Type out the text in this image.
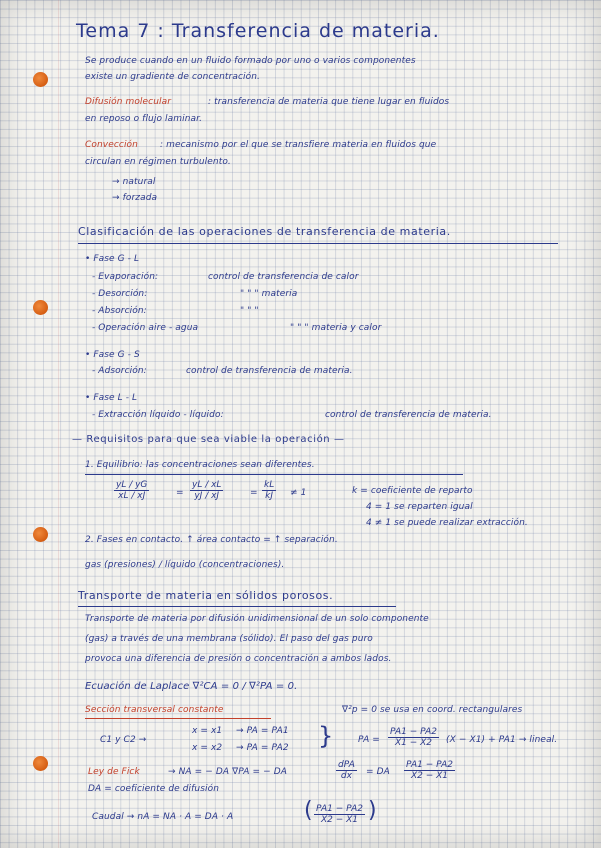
Tema 7 : Transferencia de materia.
Se produce cuando en un fluido formado por uno o varios componentes
existe un gradiente de concentración.
Difusión molecular	: transferencia de materia que tiene lugar en fluidos
en reposo o flujo laminar.
Convección : mecanismo por el que se transfiere materia en fluidos que
circulan en régimen turbulento.
→ natural
→ forzada
Clasificación de las operaciones de transferencia de materia.
• Fase G - L
- Evaporación:	control de transferencia de calor
- Desorción:	" " " materia
- Absorción:	" " "
- Operación aire - agua	" " " materia y calor
• Fase G - S
- Adsorción:	control de transferencia de materia.
• Fase L - L
- Extracción líquido - líquido:	control de transferencia de materia.
— Requisitos para que sea viable la operación —
1. Equilibrio: las concentraciones sean diferentes.
$\frac{yL / yG}{xL / xJ}$	= $\frac{yL / xL}{yJ / xJ}$	= $\frac{kL}{kJ} \ne 1$	k = coeficiente de reparto
4 = 1 se reparten igual
4 ≠ 1 se puede realizar extracción.
2. Fases en contacto. ↑ área contacto = ↑ separación.
gas (presiones) / líquido (concentraciones).
Transporte de materia en sólidos porosos.
Transporte de materia por difusión unidimensional de un solo componente
(gas) a través de una membrana (sólido). El paso del gas puro
provoca una diferencia de presión o concentración a ambos lados.
Ecuación de Laplace ∇²CA = 0 / ∇²PA = 0.
Sección transversal constante	∇²p = 0 se usa en coord. rectangulares
C1 y C2 →
x = x1
x = x2
→ PA = PA1
→ PA = PA2 }	PA = $\frac{PA1 - PA2}{X1 - X2} (X - X1) + PA1$ → lineal.
Ley de Fick	→ NA = − DA ∇PA = − DA
dPA
dx	= DA $\frac{PA1 - PA2}{X2 - X1}$
DA = coeficiente de difusión
Caudal → nA = NA · A = DA · A	( $\frac{PA1 - PA2}{X2 - X1}$ )
